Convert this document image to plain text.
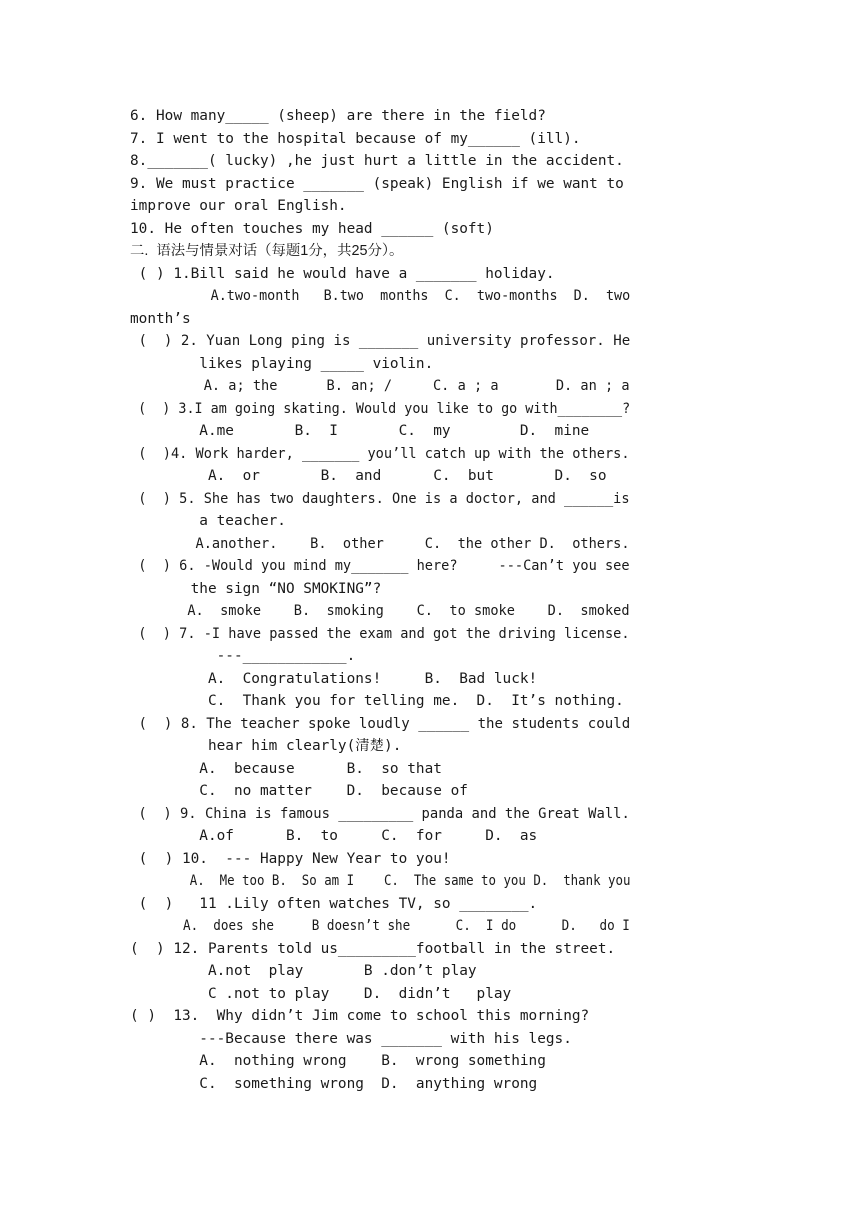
6. How many_____ (sheep) are there in the field?
7. I went to the hospital because of my______ (ill).
8._______( lucky) ,he just hurt a little in the accident.
9. We must practice _______ (speak) English if we want to
improve our oral English.
10. He often touches my head ______ (soft)
二.  语法与情景对话（每题1分，共25分）。
( ) 1.Bill said he would have a _______ holiday.
A.two-month   B.two  months  C.  two-months  D.  two
month’s
(  ) 2. Yuan Long ping is _______ university professor. He
likes playing _____ violin.
A. a; the      B. an; /     C. a ; a       D. an ; a
(  ) 3.I am going skating. Would you like to go with________?
A.me       B.  I       C.  my        D.  mine
(  )4. Work harder, _______ you’ll catch up with the others.
A.  or       B.  and      C.  but       D.  so
(  ) 5. She has two daughters. One is a doctor, and ______is
a teacher.
A.another.    B.  other     C.  the other D.  others.
(  ) 6. -Would you mind my_______ here?     ---Can’t you see
the sign “NO SMOKING”?
A.  smoke    B.  smoking    C.  to smoke    D.  smoked
(  ) 7. -I have passed the exam and got the driving license.
---____________.
A.  Congratulations!     B.  Bad luck!
C.  Thank you for telling me.  D.  It’s nothing.
(  ) 8. The teacher spoke loudly ______ the students could
hear him clearly(清楚).
A.  because      B.  so that
C.  no matter    D.  because of
(  ) 9. China is famous _________ panda and the Great Wall.
A.of      B.  to     C.  for     D.  as
(  ) 10.  --- Happy New Year to you!
A.  Me too B.  So am I    C.  The same to you D.  thank you
(  )   11 .Lily often watches TV, so ________.
A.  does she     B doesn’t she      C.  I do      D.   do I
(  ) 12. Parents told us_________football in the street.
A.not  play       B .don’t play
C .not to play    D.  didn’t   play
( )  13.  Why didn’t Jim come to school this morning?
---Because there was _______ with his legs.
A.  nothing wrong    B.  wrong something
C.  something wrong  D.  anything wrong
